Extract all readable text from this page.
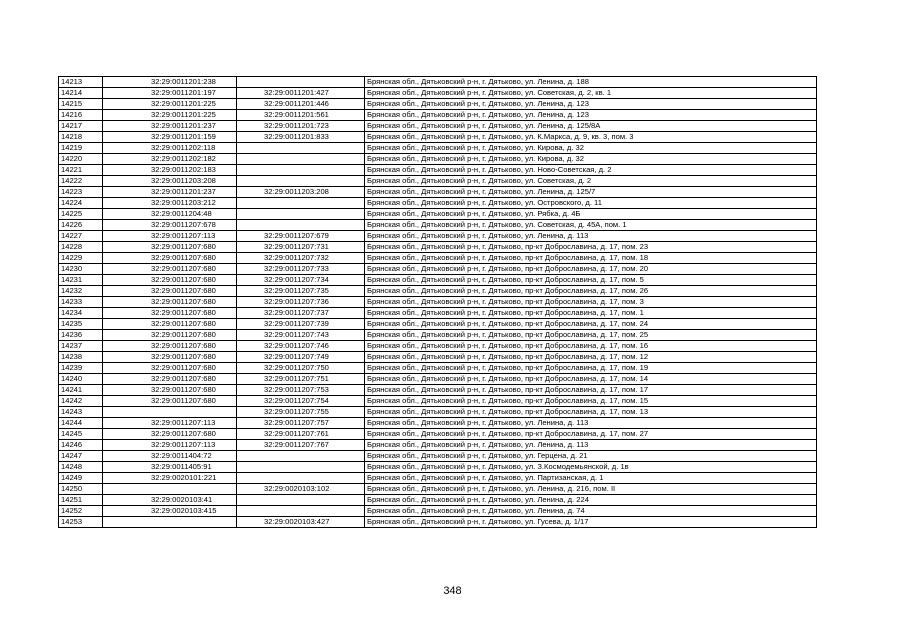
14213	32:29:0011201:238		Брянская обл., Дятьковский р-н, г. Дятьково, ул. Ленина, д. 188
14214	32:29:0011201:197	32:29:0011201:427	Брянская обл., Дятьковский р-н, г. Дятьково, ул. Советская, д. 2, кв. 1
14215	32:29:0011201:225	32:29:0011201:446	Брянская обл., Дятьковский р-н, г. Дятьково, ул. Ленина, д. 123
14216	32:29:0011201:225	32:29:0011201:561	Брянская обл., Дятьковский р-н, г. Дятьково, ул. Ленина, д. 123
14217	32:29:0011201:237	32:29:0011201:723	Брянская обл., Дятьковский р-н, г. Дятьково, ул. Ленина, д. 125/8А
14218	32:29:0011201:159	32:29:0011201:833	Брянская обл., Дятьковский р-н, г. Дятьково, ул. К.Маркса, д. 9, кв. 3, пом. 3
14219	32:29:0011202:118		Брянская обл., Дятьковский р-н, г. Дятьково, ул. Кирова, д. 32
14220	32:29:0011202:182		Брянская обл., Дятьковский р-н, г. Дятьково, ул. Кирова, д. 32
14221	32:29:0011202:183		Брянская обл., Дятьковский р-н, г. Дятьково, ул. Ново-Советская, д. 2
14222	32:29:0011203:208		Брянская обл., Дятьковский р-н, г. Дятьково, ул. Советская, д. 2
14223	32:29:0011201:237	32:29:0011203:208	Брянская обл., Дятьковский р-н, г. Дятьково, ул. Ленина, д. 125/7
14224	32:29:0011203:212		Брянская обл., Дятьковский р-н, г. Дятьково, ул. Островского, д. 11
14225	32:29:0011204:48		Брянская обл., Дятьковский р-н, г. Дятьково, ул. Рябка, д. 4Б
14226	32:29:0011207:678		Брянская обл., Дятьковский р-н, г. Дятьково, ул. Советская, д. 45А, пом. 1
14227	32:29:0011207:113	32:29:0011207:679	Брянская обл., Дятьковский р-н, г. Дятьково, ул. Ленина, д. 113
14228	32:29:0011207:680	32:29:0011207:731	Брянская обл., Дятьковский р-н, г. Дятьково, пр-кт Доброславина, д. 17, пом. 23
14229	32:29:0011207:680	32:29:0011207:732	Брянская обл., Дятьковский р-н, г. Дятьково, пр-кт Доброславина, д. 17, пом. 18
14230	32:29:0011207:680	32:29:0011207:733	Брянская обл., Дятьковский р-н, г. Дятьково, пр-кт Доброславина, д. 17, пом. 20
14231	32:29:0011207:680	32:29:0011207:734	Брянская обл., Дятьковский р-н, г. Дятьково, пр-кт Доброславина, д. 17, пом. 5
14232	32:29:0011207:680	32:29:0011207:735	Брянская обл., Дятьковский р-н, г. Дятьково, пр-кт Доброславина, д. 17, пом. 26
14233	32:29:0011207:680	32:29:0011207:736	Брянская обл., Дятьковский р-н, г. Дятьково, пр-кт Доброславина, д. 17, пом. 3
14234	32:29:0011207:680	32:29:0011207:737	Брянская обл., Дятьковский р-н, г. Дятьково, пр-кт Доброславина, д. 17, пом. 1
14235	32:29:0011207:680	32:29:0011207:739	Брянская обл., Дятьковский р-н, г. Дятьково, пр-кт Доброславина, д. 17, пом. 24
14236	32:29:0011207:680	32:29:0011207:743	Брянская обл., Дятьковский р-н, г. Дятьково, пр-кт Доброславина, д. 17, пом. 25
14237	32:29:0011207:680	32:29:0011207:746	Брянская обл., Дятьковский р-н, г. Дятьково, пр-кт Доброславина, д. 17, пом. 16
14238	32:29:0011207:680	32:29:0011207:749	Брянская обл., Дятьковский р-н, г. Дятьково, пр-кт Доброславина, д. 17, пом. 12
14239	32:29:0011207:680	32:29:0011207:750	Брянская обл., Дятьковский р-н, г. Дятьково, пр-кт Доброславина, д. 17, пом. 19
14240	32:29:0011207:680	32:29:0011207:751	Брянская обл., Дятьковский р-н, г. Дятьково, пр-кт Доброславина, д. 17, пом. 14
14241	32:29:0011207:680	32:29:0011207:753	Брянская обл., Дятьковский р-н, г. Дятьково, пр-кт Доброславина, д. 17, пом. 17
14242	32:29:0011207:680	32:29:0011207:754	Брянская обл., Дятьковский р-н, г. Дятьково, пр-кт Доброславина, д. 17, пом. 15
14243		32:29:0011207:755	Брянская обл., Дятьковский р-н, г. Дятьково, пр-кт Доброславина, д. 17, пом. 13
14244	32:29:0011207:113	32:29:0011207:757	Брянская обл., Дятьковский р-н, г. Дятьково, ул. Ленина, д. 113
14245	32:29:0011207:680	32:29:0011207:761	Брянская обл., Дятьковский р-н, г. Дятьково, пр-кт Доброславина, д. 17, пом. 27
14246	32:29:0011207:113	32:29:0011207:767	Брянская обл., Дятьковский р-н, г. Дятьково, ул. Ленина, д. 113
14247	32:29:0011404:72		Брянская обл., Дятьковский р-н, г. Дятьково, ул. Герцена, д. 21
14248	32:29:0011405:91		Брянская обл., Дятьковский р-н, г. Дятьково, ул. З.Космодемьянской, д. 1в
14249	32:29:0020101:221		Брянская обл., Дятьковский р-н, г. Дятьково, ул. Партизанская, д. 1
14250		32:29:0020103:102	Брянская обл., Дятьковский р-н, г. Дятьково, ул. Ленина, д. 216, пом. II
14251	32:29:0020103:41		Брянская обл., Дятьковский р-н, г. Дятьково, ул. Ленина, д. 224
14252	32:29:0020103:415		Брянская обл., Дятьковский р-н, г. Дятьково, ул. Ленина, д. 74
14253		32:29:0020103:427	Брянская обл., Дятьковский р-н, г. Дятьково, ул. Гусева, д. 1/17
348
